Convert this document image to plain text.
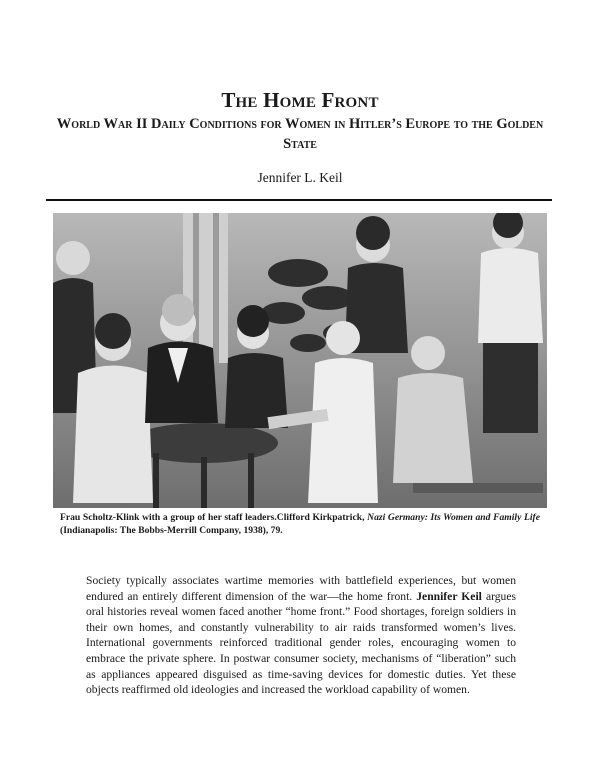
The Home Front

World War II Daily Conditions for Women in Hitler’s Europe to the Golden State

Jennifer L. Keil

Frau Scholtz-Klink with a group of her staff leaders.Clifford Kirkpatrick, Nazi Germany: Its Women and Family Life (Indianapolis: The Bobbs-Merrill Company, 1938), 79.

Society typically associates wartime memories with battlefield experiences, but women endured an entirely different dimension of the war—the home front. Jennifer Keil argues oral histories reveal women faced another “home front.” Food shortages, foreign soldiers in their own homes, and constantly vulnerability to air raids transformed women’s lives. International governments reinforced traditional gender roles, encouraging women to embrace the private sphere. In postwar consumer society, mechanisms of “liberation” such as appliances appeared disguised as time-saving devices for domestic duties. Yet these objects reaffirmed old ideologies and increased the workload capability of women.
